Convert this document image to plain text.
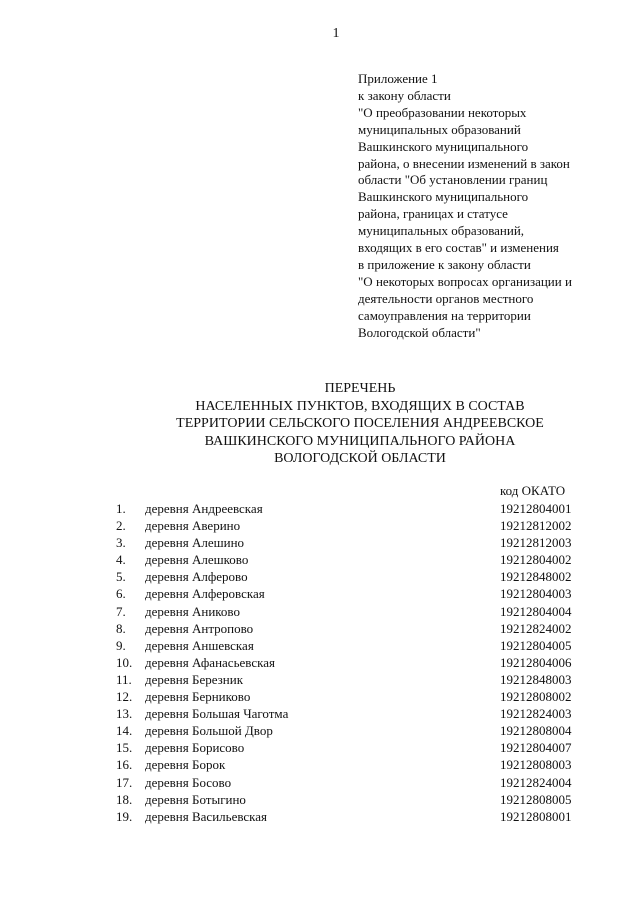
1
Приложение 1
к закону области
"О преобразовании некоторых
муниципальных образований
Вашкинского муниципального
района, о внесении изменений в закон
области "Об установлении границ
Вашкинского муниципального
района, границах и статусе
муниципальных образований,
входящих в его состав" и изменения
в приложение к закону области
"О некоторых вопросах организации и
деятельности органов местного
самоуправления на территории
Вологодской области"
ПЕРЕЧЕНЬ
НАСЕЛЕННЫХ ПУНКТОВ, ВХОДЯЩИХ В СОСТАВ
ТЕРРИТОРИИ СЕЛЬСКОГО ПОСЕЛЕНИЯ АНДРЕЕВСКОЕ
ВАШКИНСКОГО МУНИЦИПАЛЬНОГО РАЙОНА
ВОЛОГОДСКОЙ ОБЛАСТИ
код ОКАТО
1. деревня Андреевская	19212804001
2. деревня Аверино	19212812002
3. деревня Алешино	19212812003
4. деревня Алешково	19212804002
5. деревня Алферово	19212848002
6. деревня Алферовская	19212804003
7. деревня Аниково	19212804004
8. деревня Антропово	19212824002
9. деревня Аншевская	19212804005
10. деревня Афанасьевская	19212804006
11. деревня Березник	19212848003
12. деревня Берниково	19212808002
13. деревня Большая Чаготма	19212824003
14. деревня Большой Двор	19212808004
15. деревня Борисово	19212804007
16. деревня Борок	19212808003
17. деревня Босово	19212824004
18. деревня Ботыгино	19212808005
19. деревня Васильевская	19212808001
